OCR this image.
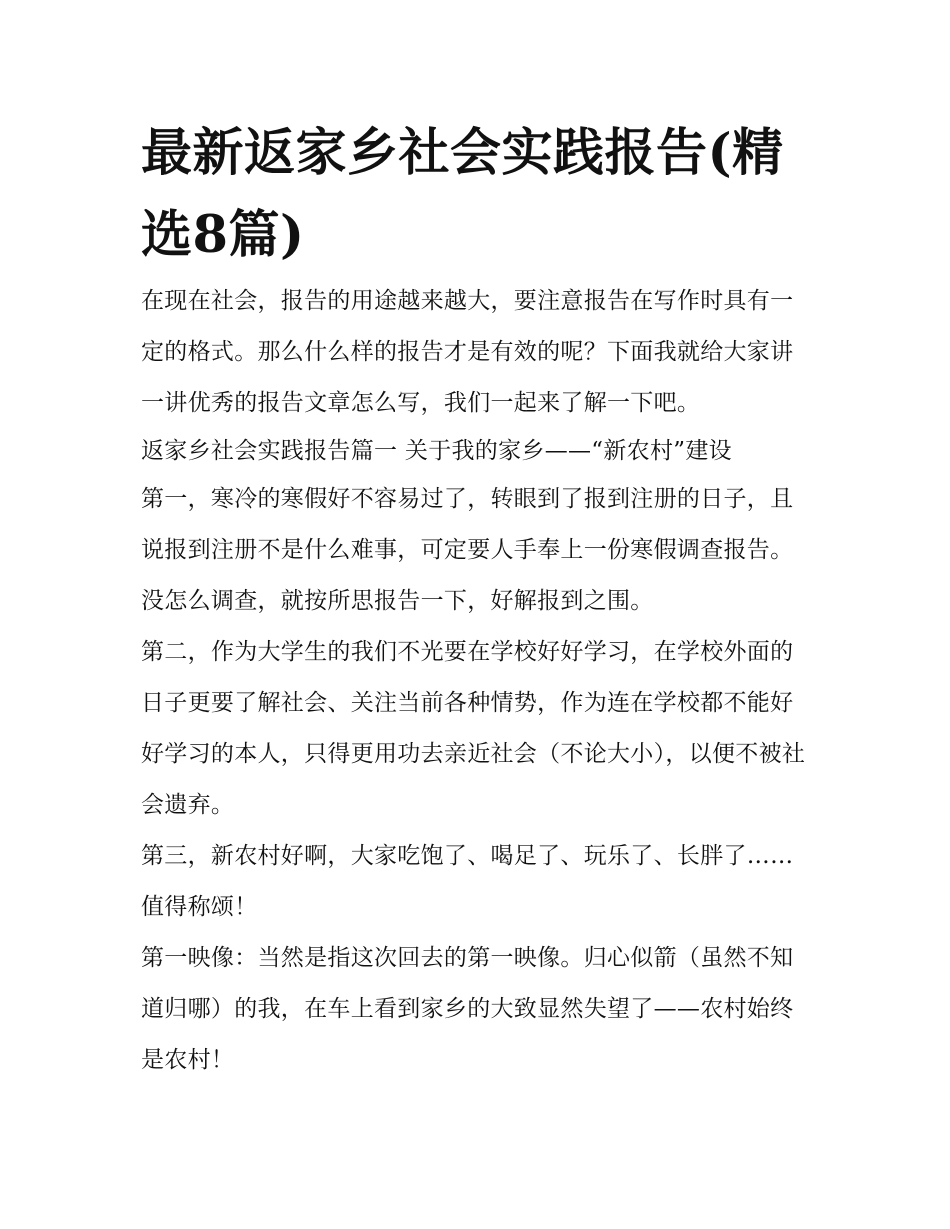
最新返家乡社会实践报告(精选8篇)

在现在社会，报告的用途越来越大，要注意报告在写作时具有一定的格式。那么什么样的报告才是有效的呢？下面我就给大家讲一讲优秀的报告文章怎么写，我们一起来了解一下吧。

返家乡社会实践报告篇一 关于我的家乡——“新农村”建设

第一，寒冷的寒假好不容易过了，转眼到了报到注册的日子，且说报到注册不是什么难事，可定要人手奉上一份寒假调查报告。没怎么调查，就按所思报告一下，好解报到之围。

第二，作为大学生的我们不光要在学校好好学习，在学校外面的日子更要了解社会、关注当前各种情势，作为连在学校都不能好好学习的本人，只得更用功去亲近社会（不论大小），以便不被社会遗弃。

第三，新农村好啊，大家吃饱了、喝足了、玩乐了、长胖了……值得称颂！

第一映像：当然是指这次回去的第一映像。归心似箭（虽然不知道归哪）的我，在车上看到家乡的大致显然失望了——农村始终是农村！
